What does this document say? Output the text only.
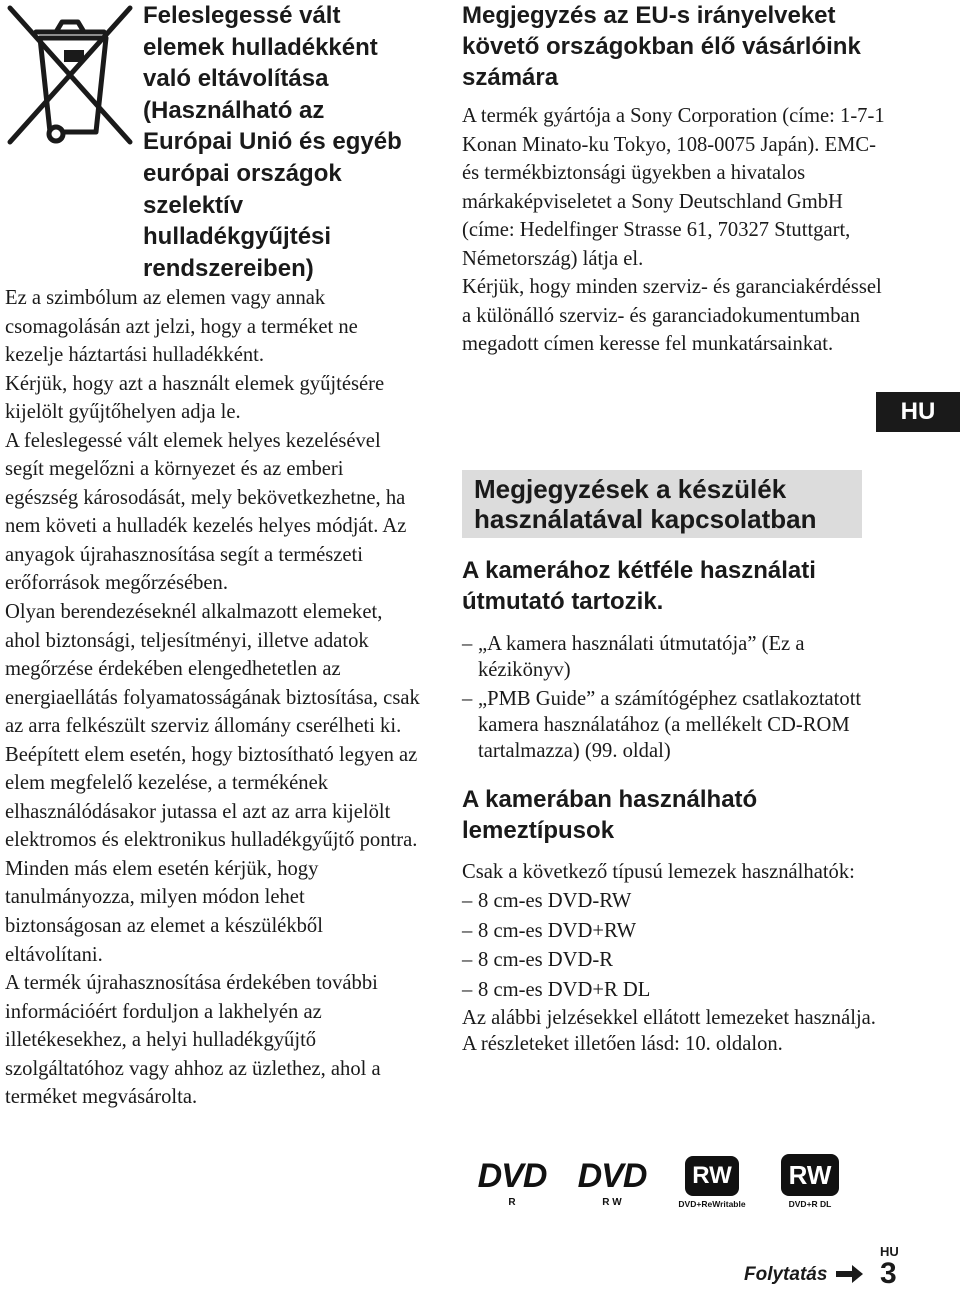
Feleslegessé vált elemek hulladékként való eltávolítása (Használható az Európai Unió és egyéb európai országok szelektív hulladékgyűjtési rendszereiben)

Ez a szimbólum az elemen vagy annak csomagolásán azt jelzi, hogy a terméket ne kezelje háztartási hulladékként.

Kérjük, hogy azt a használt elemek gyűjtésére kijelölt gyűjtőhelyen adja le.

A feleslegessé vált elemek helyes kezelésével segít megelőzni a környezet és az emberi egészség károsodását, mely bekövetkezhetne, ha nem követi a hulladék kezelés helyes módját. Az anyagok újrahasznosítása segít a természeti erőforrások megőrzésében.

Olyan berendezéseknél alkalmazott elemeket, ahol biztonsági, teljesítményi, illetve adatok megőrzése érdekében elengedhetetlen az energiaellátás folyamatosságának biztosítása, csak az arra felkészült szerviz állomány cserélheti ki.

Beépített elem esetén, hogy biztosítható legyen az elem megfelelő kezelése, a termékének elhasználódásakor jutassa el azt az arra kijelölt elektromos és elektronikus hulladékgyűjtő pontra.

Minden más elem esetén kérjük, hogy tanulmányozza, milyen módon lehet biztonságosan az elemet a készülékből eltávolítani.

A termék újrahasznosítása érdekében további információért forduljon a lakhelyén az illetékesekhez, a helyi hulladékgyűjtő szolgáltatóhoz vagy ahhoz az üzlethez, ahol a terméket megvásárolta.

Megjegyzés az EU-s irányelveket követő országokban élő vásárlóink számára
A termék gyártója a Sony Corporation (címe: 1-7-1 Konan Minato-ku Tokyo, 108-0075 Japán). EMC- és termékbiztonsági ügyekben a hivatalos márkaképviseletet a Sony Deutschland GmbH (címe: Hedelfinger Strasse 61, 70327 Stuttgart, Németország) látja el.
Kérjük, hogy minden szerviz- és garanciakérdéssel a különálló szerviz- és garanciadokumentumban megadott címen keresse fel munkatársainkat.
HU
Megjegyzések a készülék használatával kapcsolatban
A kamerához kétféle használati útmutató tartozik.
– „A kamera használati útmutatója” (Ez a kézikönyv)
– „PMB Guide” a számítógéphez csatlakoztatott kamera használatához (a mellékelt CD-ROM tartalmazza) (99. oldal)
A kamerában használható lemeztípusok

Csak a következő típusú lemezek használhatók:

– 8 cm-es DVD-RW
– 8 cm-es DVD+RW
– 8 cm-es DVD-R
– 8 cm-es DVD+R DL

Az alábbi jelzésekkel ellátott lemezeket használja. A részleteket illetően lásd: 10. oldalon.

DVD
R
DVD
R W
RW
DVD+ReWritable
RW
DVD+R DL
Folytatás
HU
3
